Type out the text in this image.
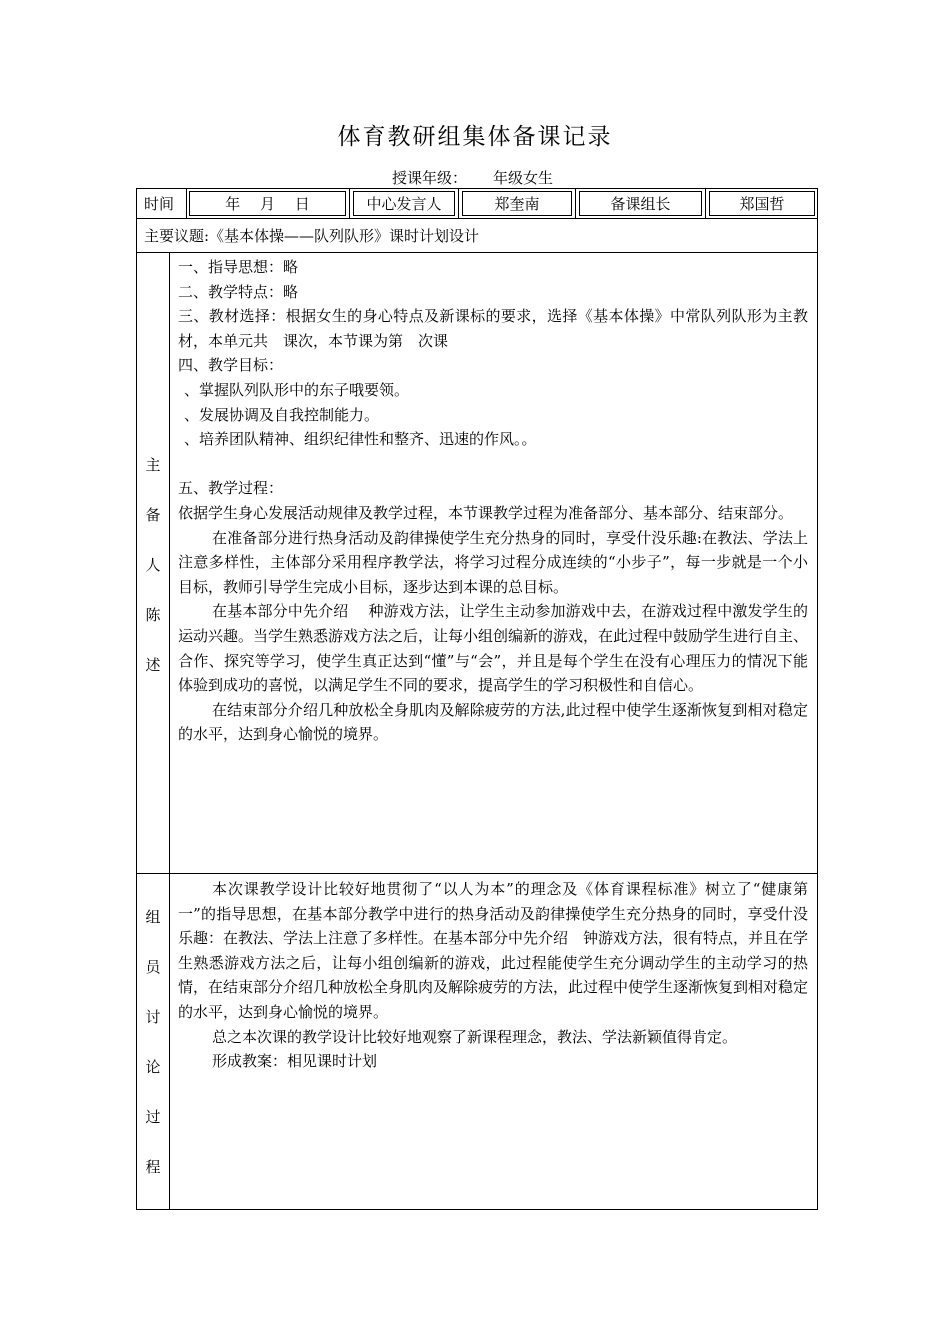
体育教研组集体备课记录
授课年级： 年级女生
时间	年　 月　 日	中心发言人	郑奎南	备课组长	郑国哲
主要议题:《基本体操——队列队形》课时计划设计
主
备
人
陈
述

一、指导思想：略

二、教学特点：略

三、教材选择：根据女生的身心特点及新课标的要求，选择《基本体操》中常队列队形为主教材，本单元共　课次，本节课为第　次课

四、教学目标：

、掌握队列队形中的东子哦要领。

、发展协调及自我控制能力。

、培养团队精神、组织纪律性和整齐、迅速的作风。。

五、教学过程：

依据学生身心发展活动规律及教学过程，本节课教学过程为准备部分、基本部分、结束部分。

在准备部分进行热身活动及韵律操使学生充分热身的同时，享受什没乐趣:在教法、学法上注意多样性，主体部分采用程序教学法，将学习过程分成连续的“小步子”，每一步就是一个小目标，教师引导学生完成小目标，逐步达到本课的总目标。

在基本部分中先介绍　 种游戏方法，让学生主动参加游戏中去，在游戏过程中激发学生的运动兴趣。当学生熟悉游戏方法之后，让每小组创编新的游戏，在此过程中鼓励学生进行自主、合作、探究等学习，使学生真正达到“懂”与“会”，并且是每个学生在没有心理压力的情况下能体验到成功的喜悦，以满足学生不同的要求，提高学生的学习积极性和自信心。

在结束部分介绍几种放松全身肌肉及解除疲劳的方法,此过程中使学生逐渐恢复到相对稳定的水平，达到身心愉悦的境界。

组
员
讨
论
过
程

本次课教学设计比较好地贯彻了“以人为本”的理念及《体育课程标准》树立了“健康第一”的指导思想，在基本部分教学中进行的热身活动及韵律操使学生充分热身的同时，享受什没乐趣：在教法、学法上注意了多样性。在基本部分中先介绍　钟游戏方法，很有特点，并且在学生熟悉游戏方法之后，让每小组创编新的游戏，此过程能使学生充分调动学生的主动学习的热情，在结束部分介绍几种放松全身肌肉及解除疲劳的方法，此过程中使学生逐渐恢复到相对稳定的水平，达到身心愉悦的境界。

总之本次课的教学设计比较好地观察了新课程理念，教法、学法新颖值得肯定。

形成教案：相见课时计划
